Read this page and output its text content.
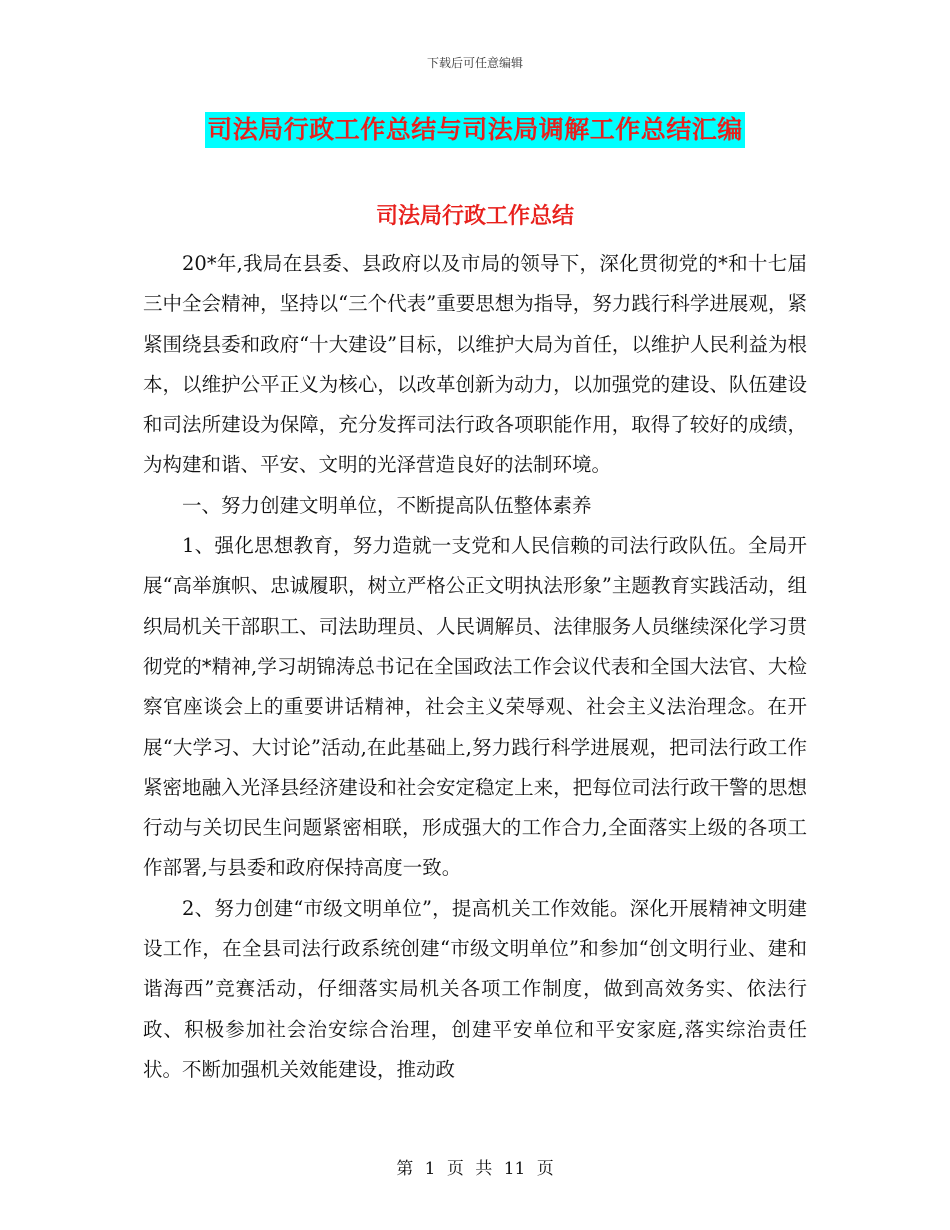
下载后可任意编辑
司法局行政工作总结与司法局调解工作总结汇编
司法局行政工作总结

20*年,我局在县委、县政府以及市局的领导下，深化贯彻党的*和十七届三中全会精神，坚持以“三个代表”重要思想为指导，努力践行科学进展观，紧紧围绕县委和政府“十大建设”目标，以维护大局为首任，以维护人民利益为根本，以维护公平正义为核心，以改革创新为动力，以加强党的建设、队伍建设和司法所建设为保障，充分发挥司法行政各项职能作用，取得了较好的成绩，为构建和谐、平安、文明的光泽营造良好的法制环境。

一、努力创建文明单位，不断提高队伍整体素养

1、强化思想教育，努力造就一支党和人民信赖的司法行政队伍。全局开展“高举旗帜、忠诚履职，树立严格公正文明执法形象”主题教育实践活动，组织局机关干部职工、司法助理员、人民调解员、法律服务人员继续深化学习贯彻党的*精神,学习胡锦涛总书记在全国政法工作会议代表和全国大法官、大检察官座谈会上的重要讲话精神，社会主义荣辱观、社会主义法治理念。在开展“大学习、大讨论”活动,在此基础上,努力践行科学进展观，把司法行政工作紧密地融入光泽县经济建设和社会安定稳定上来，把每位司法行政干警的思想行动与关切民生问题紧密相联，形成强大的工作合力,全面落实上级的各项工作部署,与县委和政府保持高度一致。

2、努力创建“市级文明单位”，提高机关工作效能。深化开展精神文明建设工作，在全县司法行政系统创建“市级文明单位”和参加“创文明行业、建和谐海西”竞赛活动，仔细落实局机关各项工作制度，做到高效务实、依法行政、积极参加社会治安综合治理，创建平安单位和平安家庭,落实综治责任状。不断加强机关效能建设，推动政

第 1 页 共 11 页
